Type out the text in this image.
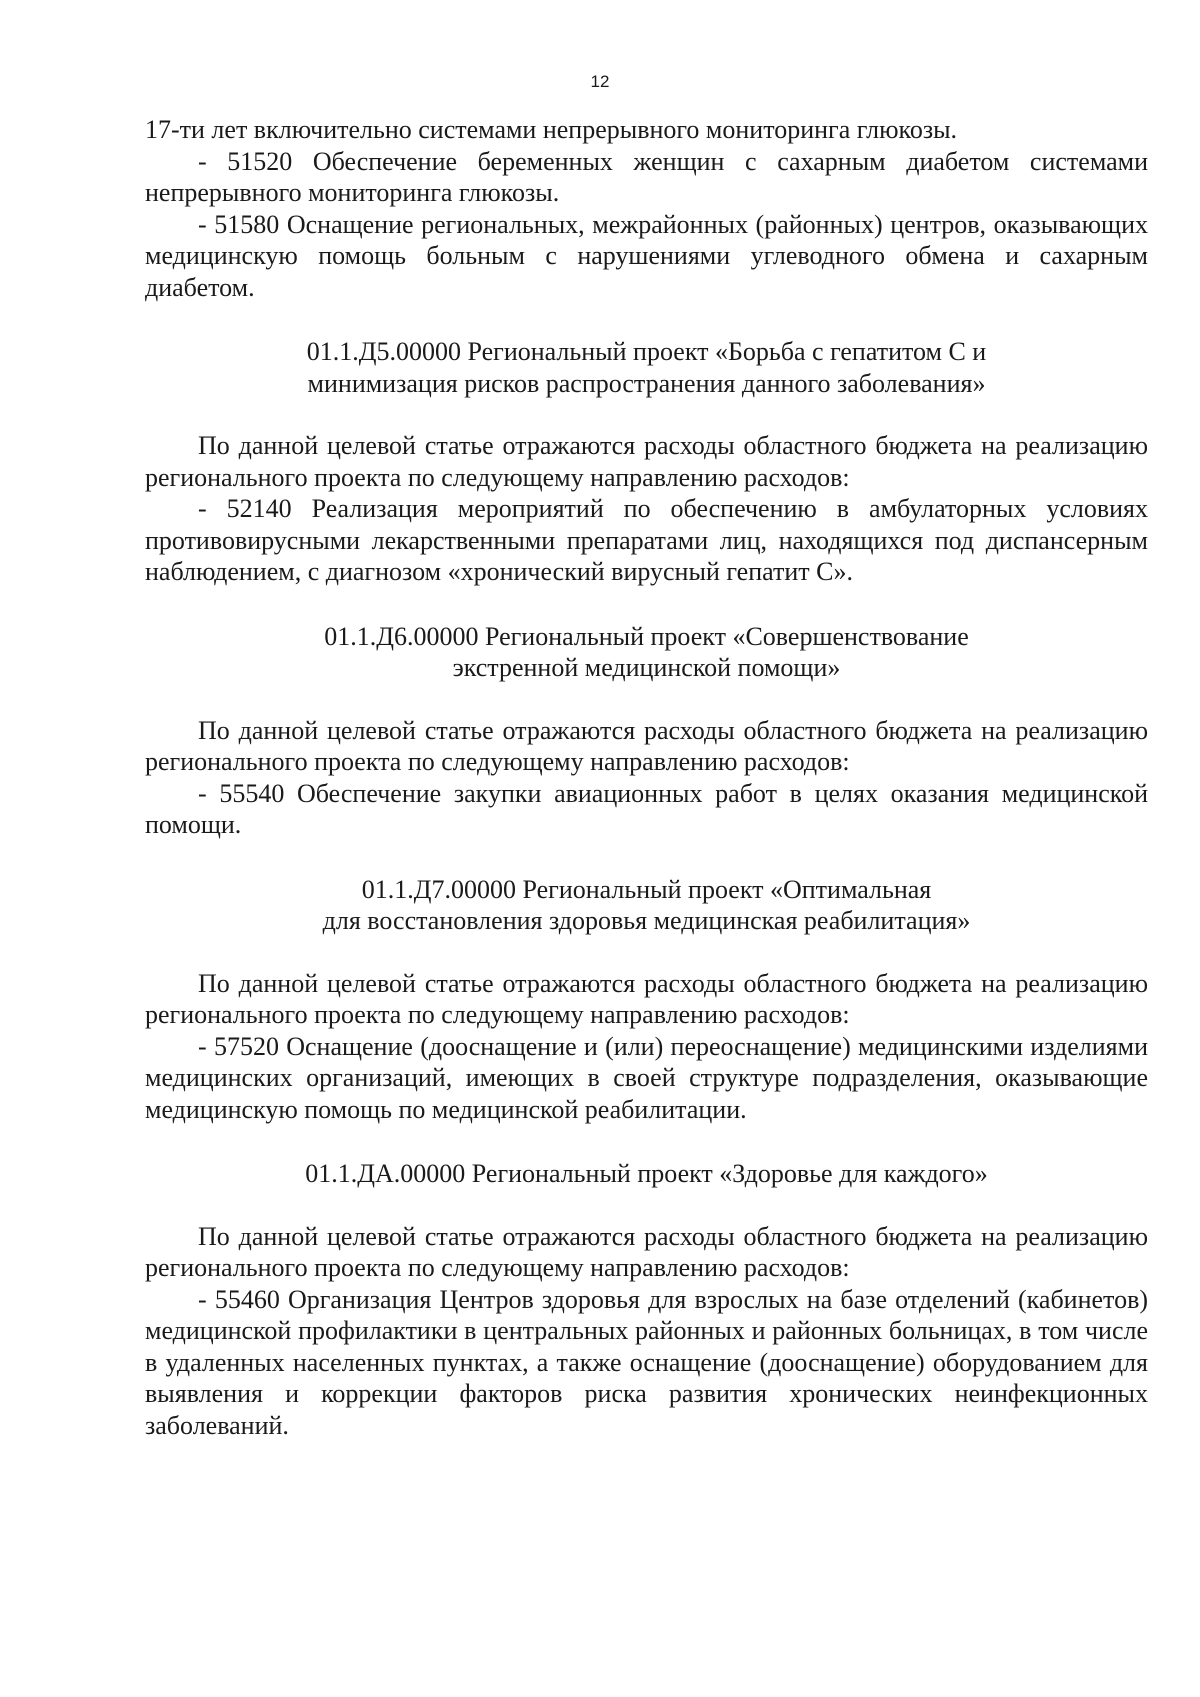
12

17-ти лет включительно системами непрерывного мониторинга глюкозы.

- 51520 Обеспечение беременных женщин с сахарным диабетом системами непрерывного мониторинга глюкозы.

- 51580 Оснащение региональных, межрайонных (районных) центров, оказывающих медицинскую помощь больным с нарушениями углеводного обмена и сахарным диабетом.

01.1.Д5.00000 Региональный проект «Борьба с гепатитом С и
минимизация рисков распространения данного заболевания»

По данной целевой статье отражаются расходы областного бюджета на реализацию регионального проекта по следующему направлению расходов:

- 52140 Реализация мероприятий по обеспечению в амбулаторных условиях противовирусными лекарственными препаратами лиц, находящихся под диспансерным наблюдением, с диагнозом «хронический вирусный гепатит С».

01.1.Д6.00000 Региональный проект «Совершенствование
экстренной медицинской помощи»

По данной целевой статье отражаются расходы областного бюджета на реализацию регионального проекта по следующему направлению расходов:

- 55540 Обеспечение закупки авиационных работ в целях оказания медицинской помощи.

01.1.Д7.00000 Региональный проект «Оптимальная
для восстановления здоровья медицинская реабилитация»

По данной целевой статье отражаются расходы областного бюджета на реализацию регионального проекта по следующему направлению расходов:

- 57520 Оснащение (дооснащение и (или) переоснащение) медицинскими изделиями медицинских организаций, имеющих в своей структуре подразделения, оказывающие медицинскую помощь по медицинской реабилитации.

01.1.ДА.00000 Региональный проект «Здоровье для каждого»

По данной целевой статье отражаются расходы областного бюджета на реализацию регионального проекта по следующему направлению расходов:

- 55460 Организация Центров здоровья для взрослых на базе отделений (кабинетов) медицинской профилактики в центральных районных и районных больницах, в том числе в удаленных населенных пунктах, а также оснащение (дооснащение) оборудованием для выявления и коррекции факторов риска развития хронических неинфекционных заболеваний.
